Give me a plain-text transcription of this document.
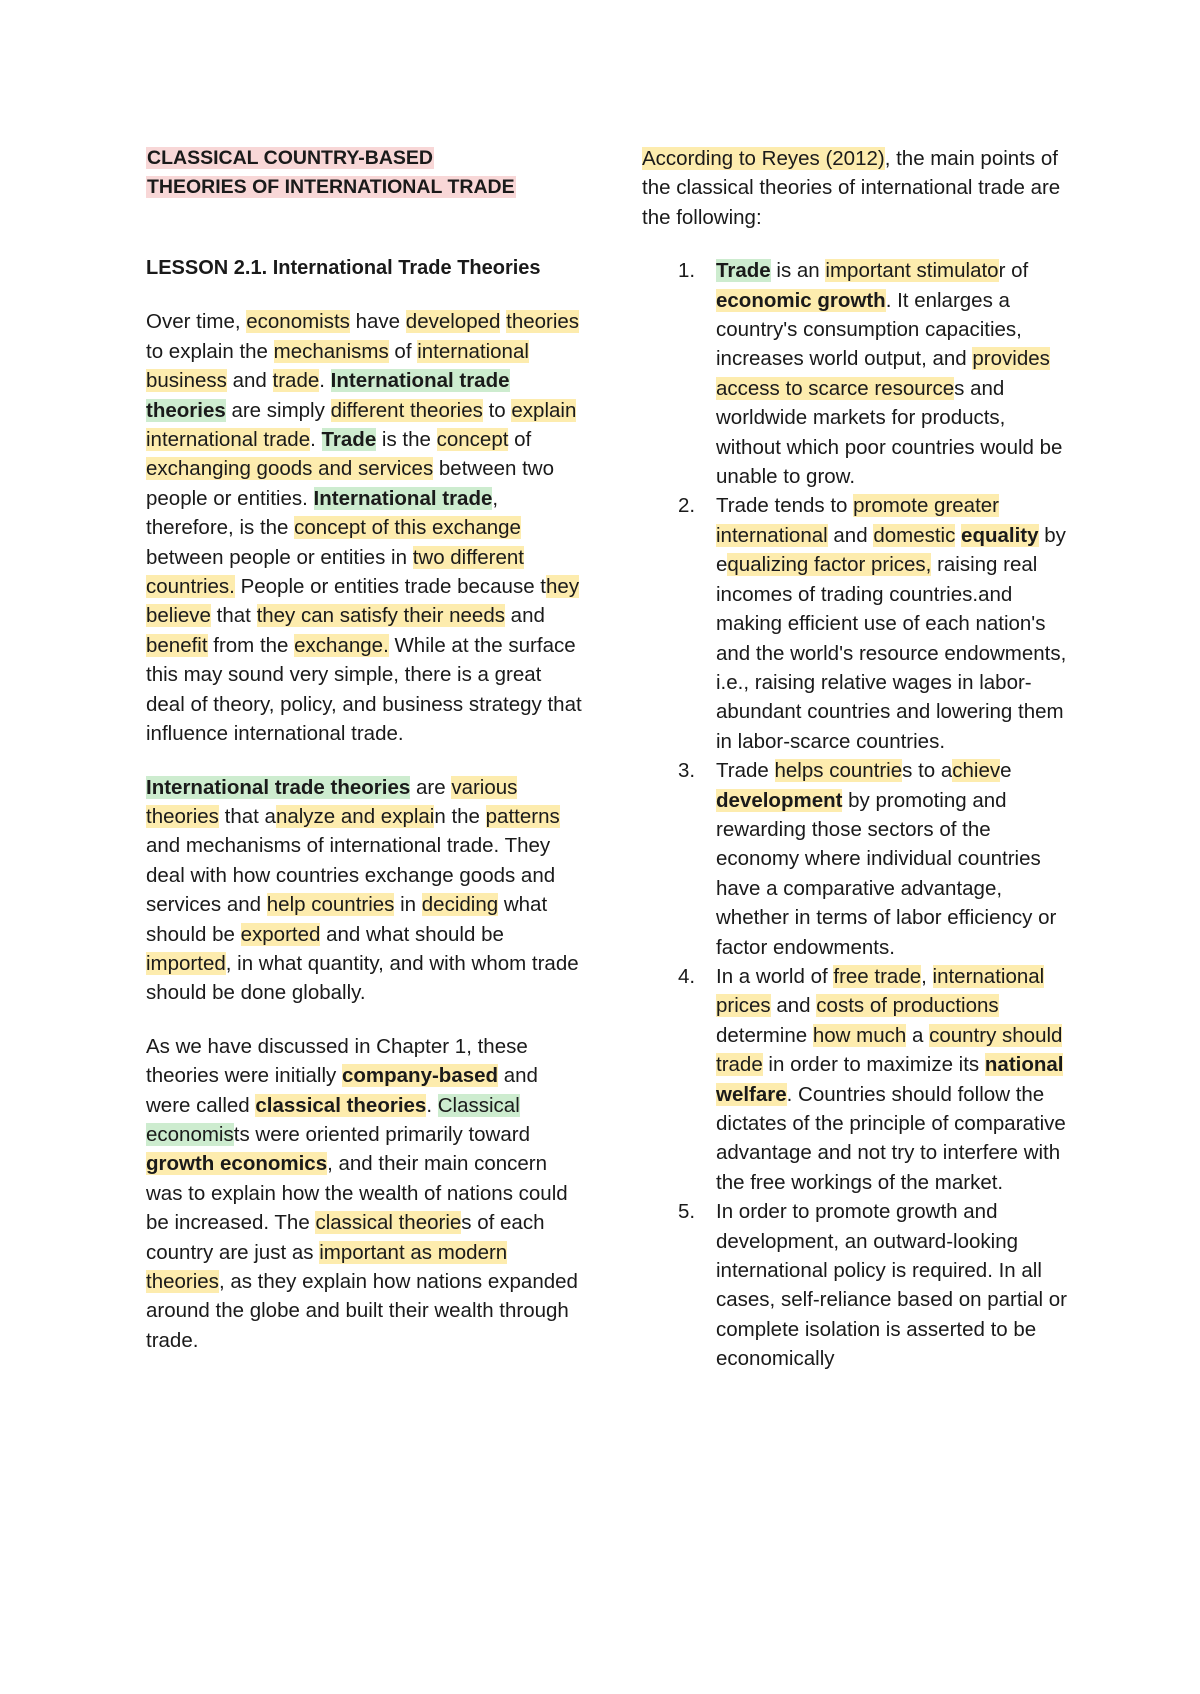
CLASSICAL COUNTRY-BASED
THEORIES OF INTERNATIONAL TRADE
LESSON 2.1. International Trade Theories

Over time, economists have developed theories to explain the mechanisms of international business and trade. International trade theories are simply different theories to explain international trade. Trade is the concept of exchanging goods and services between two people or entities. International trade, therefore, is the concept of this exchange between people or entities in two different countries. People or entities trade because they believe that they can satisfy their needs and benefit from the exchange. While at the surface this may sound very simple, there is a great deal of theory, policy, and business strategy that influence international trade.

International trade theories are various theories that analyze and explain the patterns and mechanisms of international trade. They deal with how countries exchange goods and services and help countries in deciding what should be exported and what should be imported, in what quantity, and with whom trade should be done globally.

As we have discussed in Chapter 1, these theories were initially company-based and were called classical theories. Classical economists were oriented primarily toward growth economics, and their main concern was to explain how the wealth of nations could be increased. The classical theories of each country are just as important as modern theories, as they explain how nations expanded around the globe and built their wealth through trade.

According to Reyes (2012), the main points of the classical theories of international trade are the following:

1. Trade is an important stimulator of economic growth. It enlarges a country's consumption capacities, increases world output, and provides access to scarce resources and worldwide markets for products, without which poor countries would be unable to grow.
2. Trade tends to promote greater international and domestic equality by equalizing factor prices, raising real incomes of trading countries.and making efficient use of each nation's and the world's resource endowments, i.e., raising relative wages in labor-abundant countries and lowering them in labor-scarce countries.
3. Trade helps countries to achieve development by promoting and rewarding those sectors of the economy where individual countries have a comparative advantage, whether in terms of labor efficiency or factor endowments.
4. In a world of free trade, international prices and costs of productions determine how much a country should trade in order to maximize its national welfare. Countries should follow the dictates of the principle of comparative advantage and not try to interfere with the free workings of the market.
5. In order to promote growth and development, an outward-looking international policy is required. In all cases, self-reliance based on partial or complete isolation is asserted to be economically
